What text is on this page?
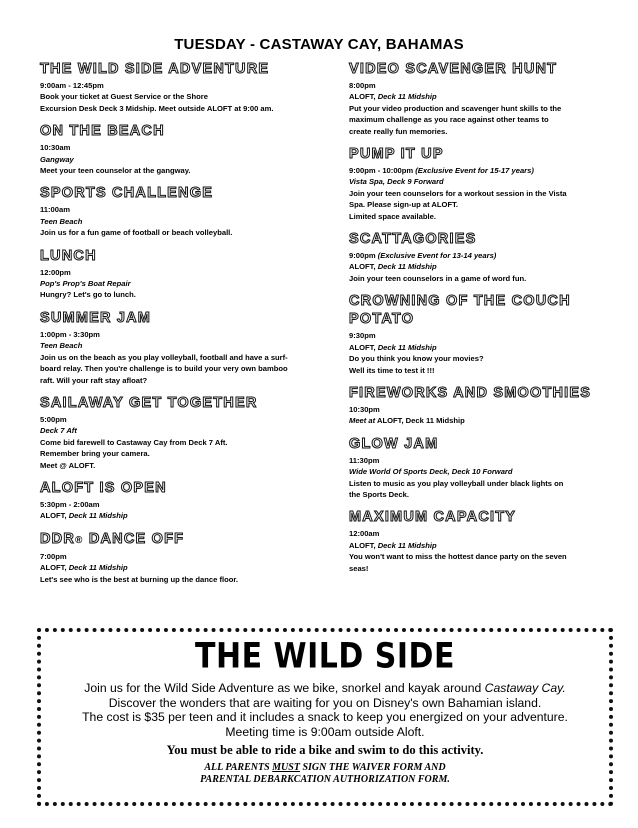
TUESDAY - CASTAWAY CAY, BAHAMAS
THE WILD SIDE ADVENTURE
9:00am - 12:45pm
Book your ticket at Guest Service or the Shore
Excursion Desk Deck 3 Midship. Meet outside ALOFT at 9:00 am.
ON THE BEACH
10:30am
Gangway
Meet your teen counselor at the gangway.
SPORTS CHALLENGE
11:00am
Teen Beach
Join us for a fun game of football or beach volleyball.
LUNCH
12:00pm
Pop's Prop's Boat Repair
Hungry? Let's go to lunch.
SUMMER JAM
1:00pm - 3:30pm
Teen Beach
Join us on the beach as you play volleyball, football and have a surf-
board relay. Then you're challenge is to build your very own bamboo
raft. Will your raft stay afloat?
SAILAWAY GET TOGETHER
5:00pm
Deck 7 Aft
Come bid farewell to Castaway Cay from Deck 7 Aft.
Remember bring your camera.
Meet @ ALOFT.
ALOFT IS OPEN
5:30pm - 2:00am
ALOFT, Deck 11 Midship
DDR® DANCE OFF
7:00pm
ALOFT, Deck 11 Midship
Let's see who is the best at burning up the dance floor.
VIDEO SCAVENGER HUNT
8:00pm
ALOFT, Deck 11 Midship
Put your video production and scavenger hunt skills to the
maximum challenge as you race against other teams to
create really fun memories.
PUMP IT UP
9:00pm - 10:00pm (Exclusive Event for 15-17 years)
Vista Spa, Deck 9 Forward
Join your teen counselors for a workout session in the Vista
Spa. Please sign-up at ALOFT.
Limited space available.
SCATTAGORIES
9:00pm (Exclusive Event for 13-14 years)
ALOFT, Deck 11 Midship
Join your teen counselors in a game of word fun.
CROWNING OF THE COUCH
POTATO
9:30pm
ALOFT, Deck 11 Midship
Do you think you know your movies?
Well its time to test it !!!
FIREWORKS AND SMOOTHIES
10:30pm
Meet at ALOFT, Deck 11 Midship
GLOW JAM
11:30pm
Wide World Of Sports Deck, Deck 10 Forward
Listen to music as you play volleyball under black lights on
the Sports Deck.
MAXIMUM CAPACITY
12:00am
ALOFT, Deck 11 Midship
You won't want to miss the hottest dance party on the seven
seas!
THE WILD SIDE
Join us for the Wild Side Adventure as we bike, snorkel and kayak around Castaway Cay.
Discover the wonders that are waiting for you on Disney's own Bahamian island.
The cost is $35 per teen and it includes a snack to keep you energized on your adventure.
Meeting time is 9:00am outside Aloft.
You must be able to ride a bike and swim to do this activity.
ALL PARENTS MUST SIGN THE WAIVER FORM AND
PARENTAL DEBARKCATION AUTHORIZATION FORM.
